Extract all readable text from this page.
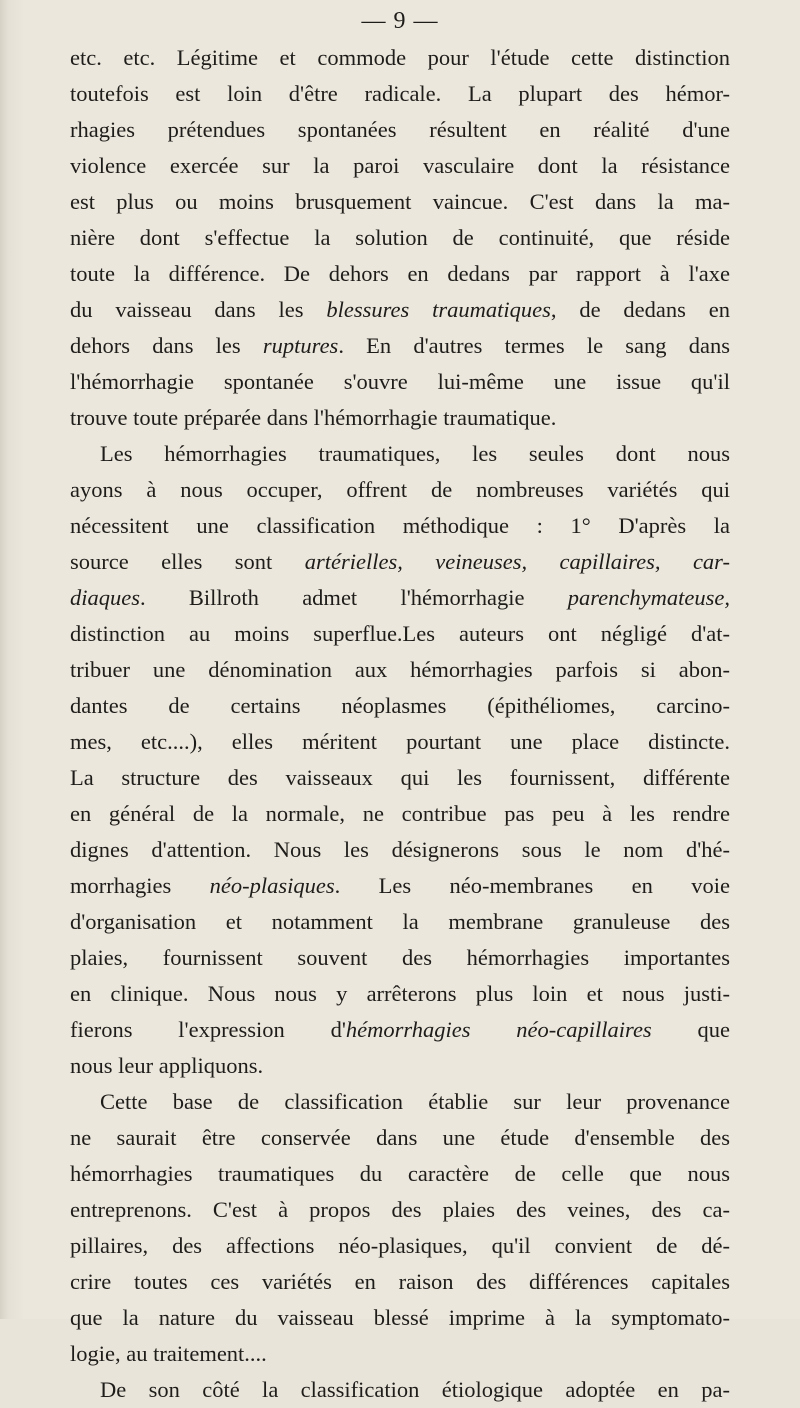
— 9 —
etc. etc. Légitime et commode pour l'étude cette distinction
toutefois est loin d'être radicale. La plupart des hémor-
rhagies prétendues spontanées résultent en réalité d'une
violence exercée sur la paroi vasculaire dont la résistance
est plus ou moins brusquement vaincue. C'est dans la ma-
nière dont s'effectue la solution de continuité, que réside
toute la différence. De dehors en dedans par rapport à l'axe
du vaisseau dans les blessures traumatiques, de dedans en
dehors dans les ruptures. En d'autres termes le sang dans
l'hémorrhagie spontanée s'ouvre lui-même une issue qu'il
trouve toute préparée dans l'hémorrhagie traumatique.
Les hémorrhagies traumatiques, les seules dont nous
ayons à nous occuper, offrent de nombreuses variétés qui
nécessitent une classification méthodique : 1° D'après la
source elles sont artérielles, veineuses, capillaires, car-
diaques. Billroth admet l'hémorrhagie parenchymateuse,
distinction au moins superflue.Les auteurs ont négligé d'at-
tribuer une dénomination aux hémorrhagies parfois si abon-
dantes de certains néoplasmes (épithéliomes, carcino-
mes, etc....), elles méritent pourtant une place distincte.
La structure des vaisseaux qui les fournissent, différente
en général de la normale, ne contribue pas peu à les rendre
dignes d'attention. Nous les désignerons sous le nom d'hé-
morrhagies néo-plasiques. Les néo-membranes en voie
d'organisation et notamment la membrane granuleuse des
plaies, fournissent souvent des hémorrhagies importantes
en clinique. Nous nous y arrêterons plus loin et nous justi-
fierons l'expression d'hémorrhagies néo-capillaires que
nous leur appliquons.
Cette base de classification établie sur leur provenance
ne saurait être conservée dans une étude d'ensemble des
hémorrhagies traumatiques du caractère de celle que nous
entreprenons. C'est à propos des plaies des veines, des ca-
pillaires, des affections néo-plasiques, qu'il convient de dé-
crire toutes ces variétés en raison des différences capitales
que la nature du vaisseau blessé imprime à la symptomato-
logie, au traitement....
De son côté la classification étiologique adoptée en pa-
